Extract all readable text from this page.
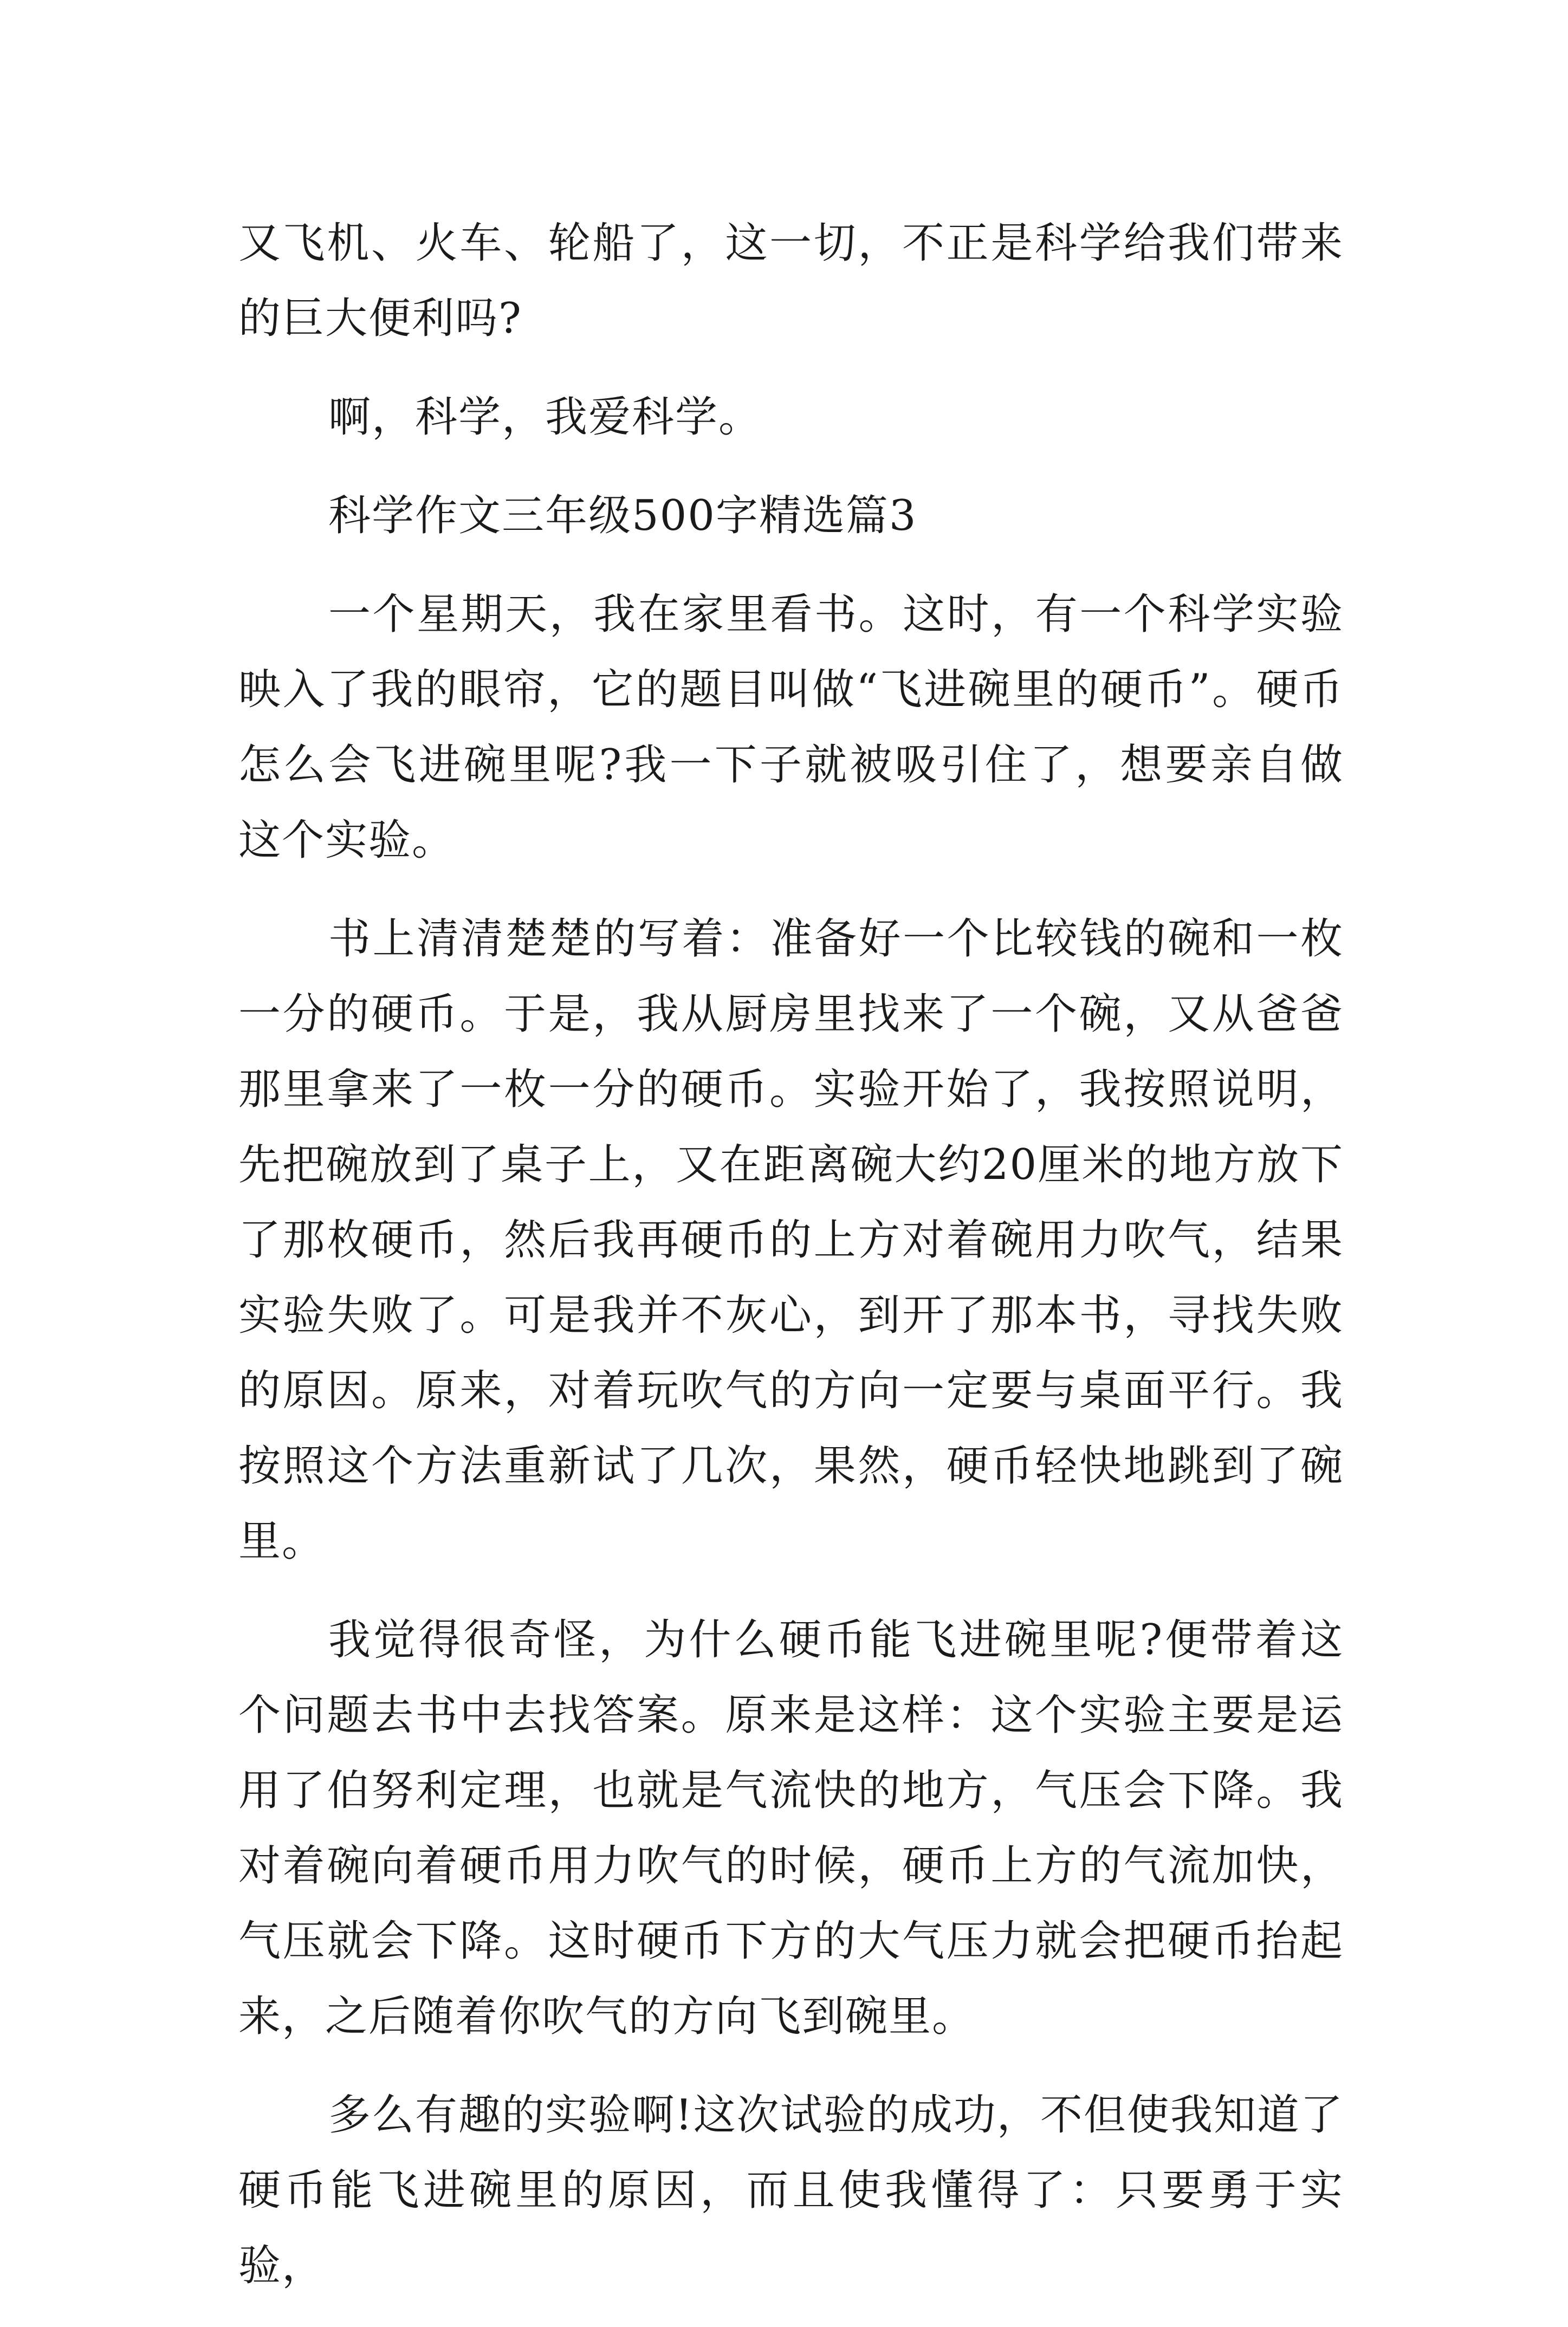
又飞机、火车、轮船了，这一切，不正是科学给我们带来的巨大便利吗?

啊，科学，我爱科学。

科学作文三年级500字精选篇3

一个星期天，我在家里看书。这时，有一个科学实验映入了我的眼帘，它的题目叫做“飞进碗里的硬币”。硬币怎么会飞进碗里呢?我一下子就被吸引住了，想要亲自做这个实验。

书上清清楚楚的写着：准备好一个比较钱的碗和一枚一分的硬币。于是，我从厨房里找来了一个碗，又从爸爸那里拿来了一枚一分的硬币。实验开始了，我按照说明，先把碗放到了桌子上，又在距离碗大约20厘米的地方放下了那枚硬币，然后我再硬币的上方对着碗用力吹气，结果实验失败了。可是我并不灰心，到开了那本书，寻找失败的原因。原来，对着玩吹气的方向一定要与桌面平行。我按照这个方法重新试了几次，果然，硬币轻快地跳到了碗里。

我觉得很奇怪，为什么硬币能飞进碗里呢?便带着这个问题去书中去找答案。原来是这样：这个实验主要是运用了伯努利定理，也就是气流快的地方，气压会下降。我对着碗向着硬币用力吹气的时候，硬币上方的气流加快，气压就会下降。这时硬币下方的大气压力就会把硬币抬起来，之后随着你吹气的方向飞到碗里。

多么有趣的实验啊!这次试验的成功，不但使我知道了硬币能飞进碗里的原因，而且使我懂得了：只要勇于实验，
